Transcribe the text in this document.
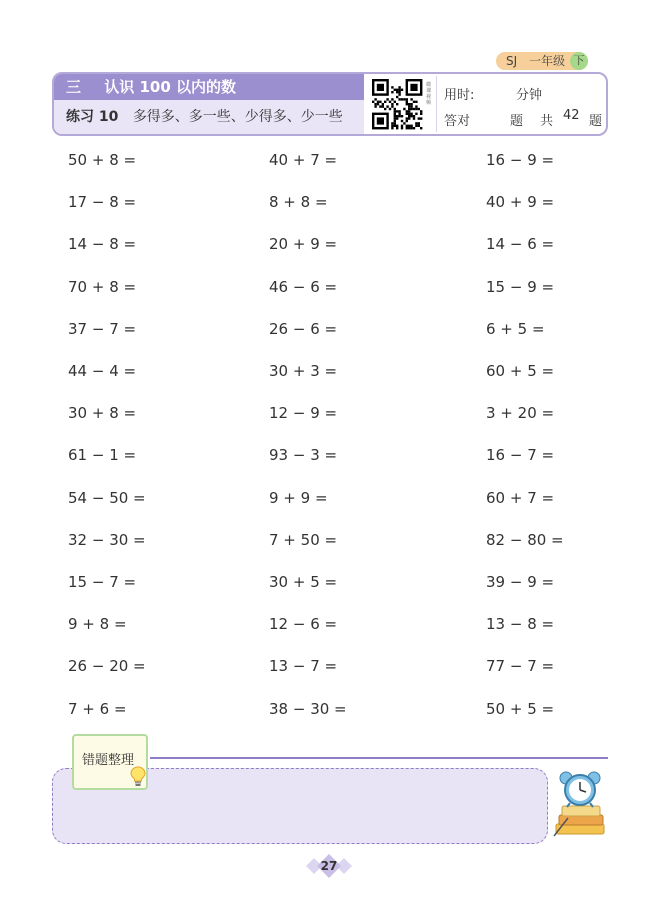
SJ 一年级 下
三 认识 100 以内的数
练习 10 多得多、多一些、少得多、少一些
微
课
视
频 用时:	分钟
答对	题 共 42 题
50 + 8 =
17 − 8 =
14 − 8 =
70 + 8 =
37 − 7 =
44 − 4 =
30 + 8 =
61 − 1 =
54 − 50 =
32 − 30 =
15 − 7 =
9 + 8 =
26 − 20 =
7 + 6 =
40 + 7 =
8 + 8 =
20 + 9 =
46 − 6 =
26 − 6 =
30 + 3 =
12 − 9 =
93 − 3 =
9 + 9 =
7 + 50 =
30 + 5 =
12 − 6 =
13 − 7 =
38 − 30 =
16 − 9 =
40 + 9 =
14 − 6 =
15 − 9 =
6 + 5 =
60 + 5 =
3 + 20 =
16 − 7 =
60 + 7 =
82 − 80 =
39 − 9 =
13 − 8 =
77 − 7 =
50 + 5 =
错题整理
27
